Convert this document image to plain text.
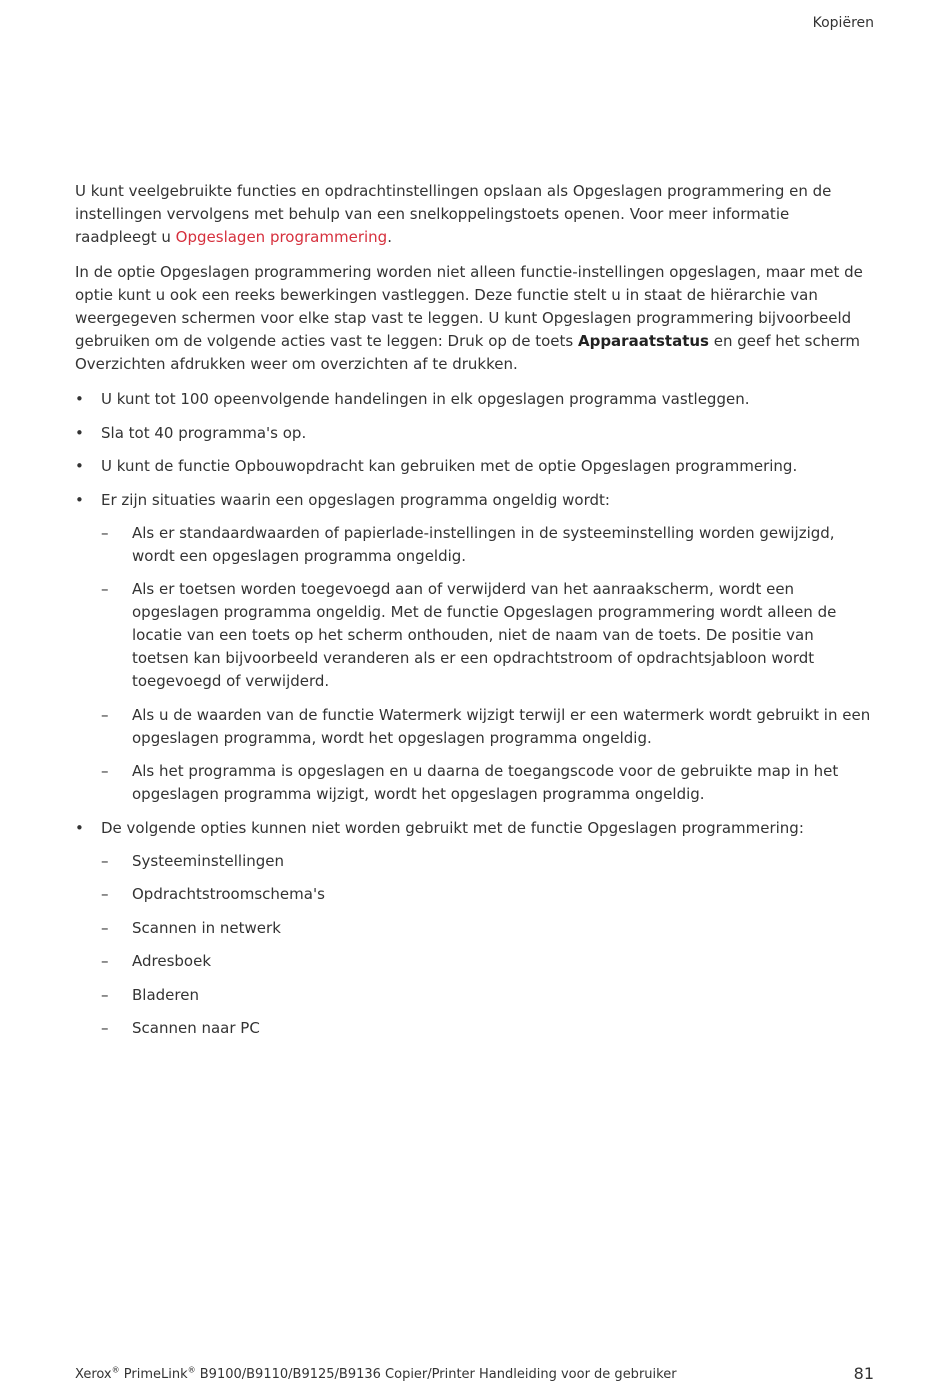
Kopiëren

U kunt veelgebruikte functies en opdrachtinstellingen opslaan als Opgeslagen programmering en de instellingen vervolgens met behulp van een snelkoppelingstoets openen. Voor meer informatie raadpleegt u Opgeslagen programmering.

In de optie Opgeslagen programmering worden niet alleen functie-instellingen opgeslagen, maar met de optie kunt u ook een reeks bewerkingen vastleggen. Deze functie stelt u in staat de hiërarchie van weergegeven schermen voor elke stap vast te leggen. U kunt Opgeslagen programmering bijvoorbeeld gebruiken om de volgende acties vast te leggen: Druk op de toets Apparaatstatus en geef het scherm Overzichten afdrukken weer om overzichten af te drukken.

• U kunt tot 100 opeenvolgende handelingen in elk opgeslagen programma vastleggen.
• Sla tot 40 programma's op.
• U kunt de functie Opbouwopdracht kan gebruiken met de optie Opgeslagen programmering.
• Er zijn situaties waarin een opgeslagen programma ongeldig wordt:
– Als er standaardwaarden of papierlade-instellingen in de systeeminstelling worden gewijzigd, wordt een opgeslagen programma ongeldig.
– Als er toetsen worden toegevoegd aan of verwijderd van het aanraakscherm, wordt een opgeslagen programma ongeldig. Met de functie Opgeslagen programmering wordt alleen de locatie van een toets op het scherm onthouden, niet de naam van de toets. De positie van toetsen kan bijvoorbeeld veranderen als er een opdrachtstroom of opdrachtsjabloon wordt toegevoegd of verwijderd.
– Als u de waarden van de functie Watermerk wijzigt terwijl er een watermerk wordt gebruikt in een opgeslagen programma, wordt het opgeslagen programma ongeldig.
– Als het programma is opgeslagen en u daarna de toegangscode voor de gebruikte map in het opgeslagen programma wijzigt, wordt het opgeslagen programma ongeldig.
• De volgende opties kunnen niet worden gebruikt met de functie Opgeslagen programmering:
– Systeeminstellingen
– Opdrachtstroomschema's
– Scannen in netwerk
– Adresboek
– Bladeren
– Scannen naar PC
Xerox® PrimeLink® B9100/B9110/B9125/B9136 Copier/Printer Handleiding voor de gebruiker	81
